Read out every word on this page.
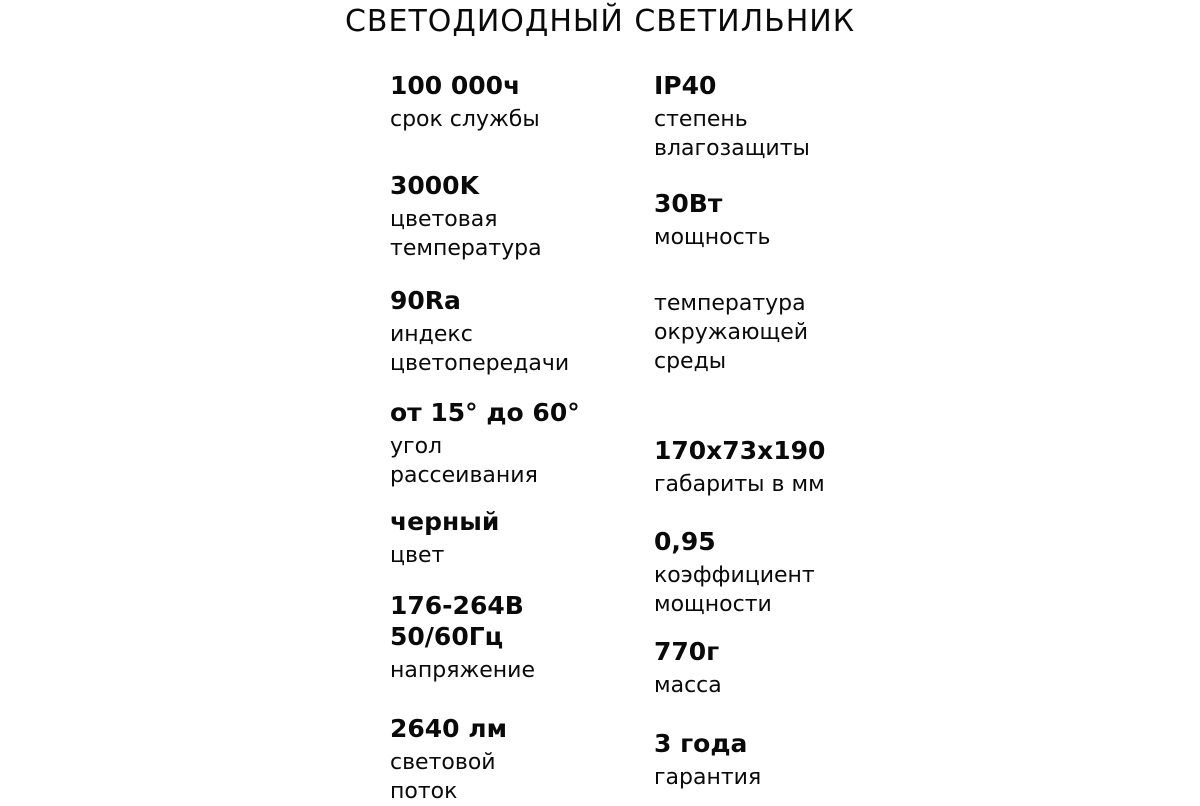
СВЕТОДИОДНЫЙ СВЕТИЛЬНИК
100 000ч
срок службы
3000K
цветовая
температура
90Ra
индекс
цветопередачи
от 15° до 60°
угол
рассеивания
черный
цвет
176-264В
50/60Гц
напряжение
2640 лм
световой
поток
IP40
степень
влагозащиты
30Вт
мощность
температура
окружающей
среды
170x73x190
габариты в мм
0,95
коэффициент
мощности
770г
масса
3 года
гарантия
